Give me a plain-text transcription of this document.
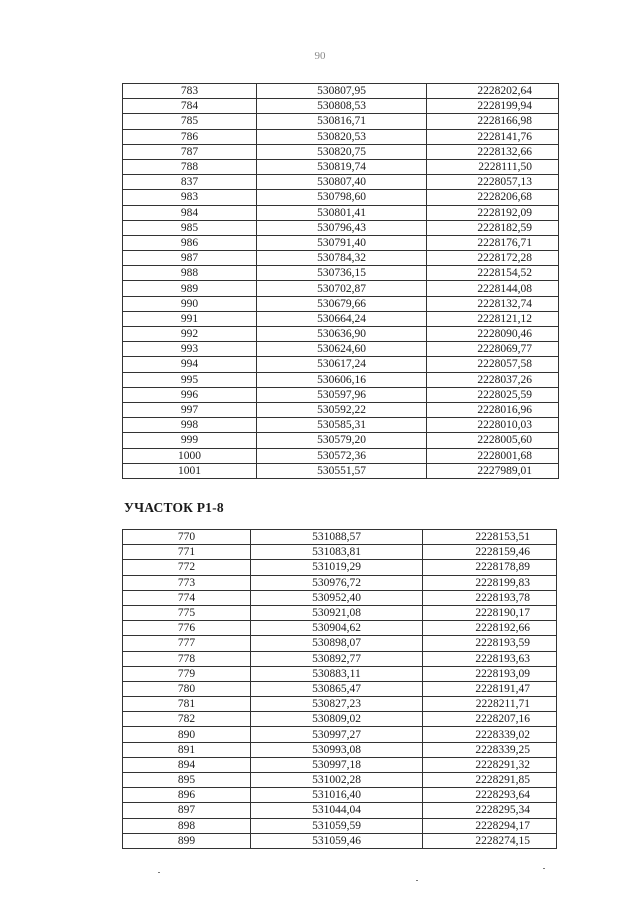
90
783	530807,95	2228202,64
784	530808,53	2228199,94
785	530816,71	2228166,98
786	530820,53	2228141,76
787	530820,75	2228132,66
788	530819,74	2228111,50
837	530807,40	2228057,13
983	530798,60	2228206,68
984	530801,41	2228192,09
985	530796,43	2228182,59
986	530791,40	2228176,71
987	530784,32	2228172,28
988	530736,15	2228154,52
989	530702,87	2228144,08
990	530679,66	2228132,74
991	530664,24	2228121,12
992	530636,90	2228090,46
993	530624,60	2228069,77
994	530617,24	2228057,58
995	530606,16	2228037,26
996	530597,96	2228025,59
997	530592,22	2228016,96
998	530585,31	2228010,03
999	530579,20	2228005,60
1000	530572,36	2228001,68
1001	530551,57	2227989,01
УЧАСТОК Р1-8
770	531088,57	2228153,51
771	531083,81	2228159,46
772	531019,29	2228178,89
773	530976,72	2228199,83
774	530952,40	2228193,78
775	530921,08	2228190,17
776	530904,62	2228192,66
777	530898,07	2228193,59
778	530892,77	2228193,63
779	530883,11	2228193,09
780	530865,47	2228191,47
781	530827,23	2228211,71
782	530809,02	2228207,16
890	530997,27	2228339,02
891	530993,08	2228339,25
894	530997,18	2228291,32
895	531002,28	2228291,85
896	531016,40	2228293,64
897	531044,04	2228295,34
898	531059,59	2228294,17
899	531059,46	2228274,15
